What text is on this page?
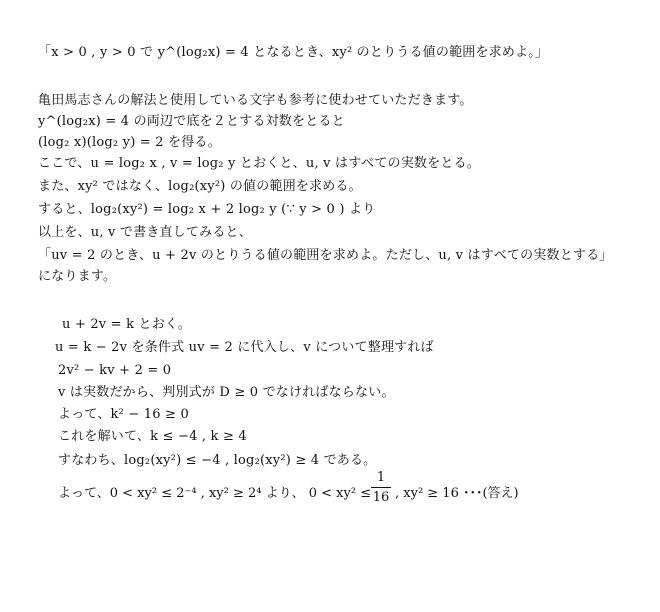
「x > 0 , y > 0 で y^(log₂x) = 4 となるとき、xy² のとりうる値の範囲を求めよ。」
亀田馬志さんの解法と使用している文字も参考に使わせていただきます。
y^(log₂x) = 4 の両辺で底を２とする対数をとると
(log₂ x)(log₂ y) = 2 を得る。
ここで、u = log₂ x , v = log₂ y とおくと、u, v はすべての実数をとる。
また、xy² ではなく、log₂(xy²) の値の範囲を求める。
すると、log₂(xy²) = log₂ x + 2 log₂ y (∵ y > 0 ) より
以上を、u, v で書き直してみると、
「uv = 2 のとき、u + 2v のとりうる値の範囲を求めよ。ただし、u, v はすべての実数とする」
になります。
u + 2v = k とおく。
u = k − 2v を条件式 uv = 2 に代入し、v について整理すれば
2v² − kv + 2 = 0
v は実数だから、判別式が D ≥ 0 でなければならない。
よって、k² − 16 ≥ 0
これを解いて、k ≤ −4 , k ≥ 4
すなわち、log₂(xy²) ≤ −4 , log₂(xy²) ≥ 4 である。
よって、0 < xy² ≤ 2⁻⁴ , xy² ≥ 2⁴ より、 0 < xy² ≤
1
16 , xy² ≥ 16 ･･･(答え)
